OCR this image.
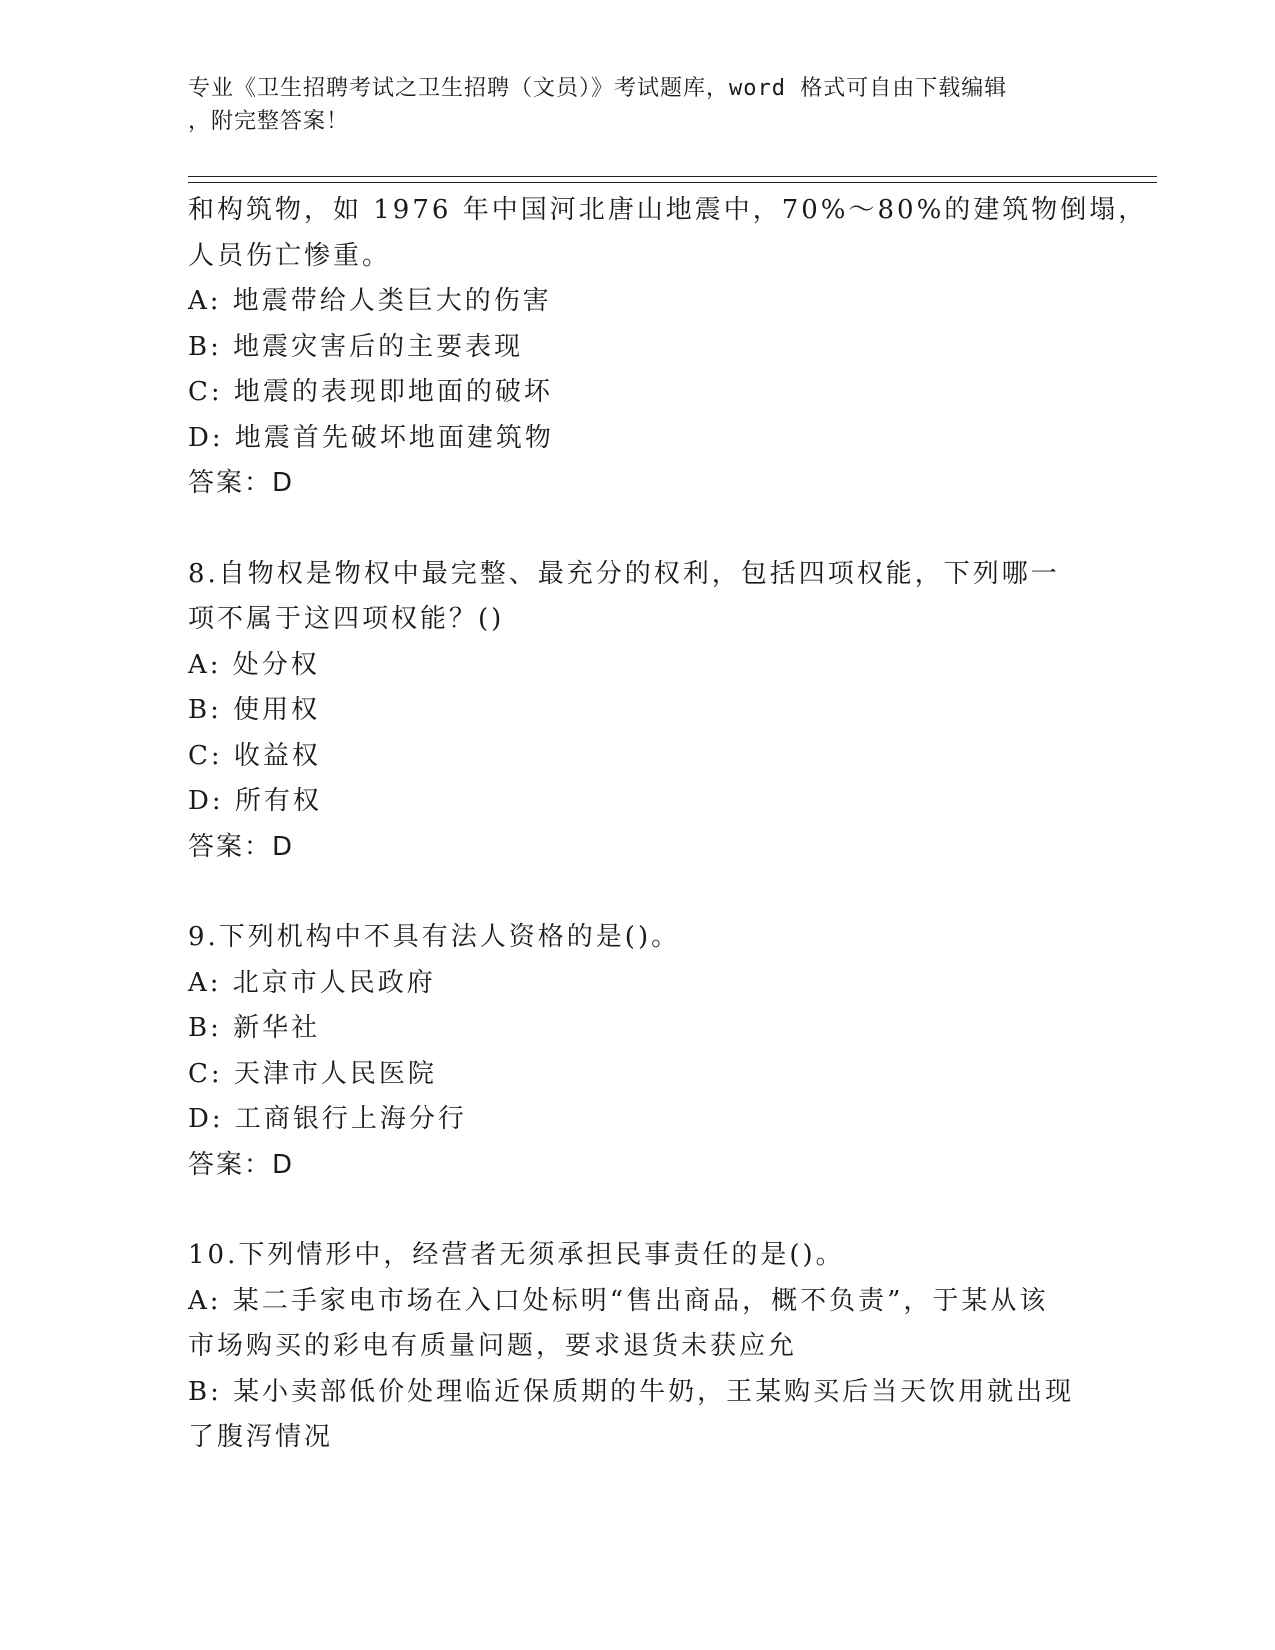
专业《卫生招聘考试之卫生招聘（文员）》考试题库，word 格式可自由下载编辑
，附完整答案！
和构筑物，如 1976 年中国河北唐山地震中，70%～80%的建筑物倒塌，
人员伤亡惨重。
A: 地震带给人类巨大的伤害
B: 地震灾害后的主要表现
C: 地震的表现即地面的破坏
D: 地震首先破坏地面建筑物
答案：D
8.自物权是物权中最完整、最充分的权利，包括四项权能，下列哪一
项不属于这四项权能？()
A: 处分权
B: 使用权
C: 收益权
D: 所有权
答案：D
9.下列机构中不具有法人资格的是()。
A: 北京市人民政府
B: 新华社
C: 天津市人民医院
D: 工商银行上海分行
答案：D
10.下列情形中，经营者无须承担民事责任的是()。
A: 某二手家电市场在入口处标明“售出商品，概不负责”，于某从该
市场购买的彩电有质量问题，要求退货未获应允
B: 某小卖部低价处理临近保质期的牛奶，王某购买后当天饮用就出现
了腹泻情况
